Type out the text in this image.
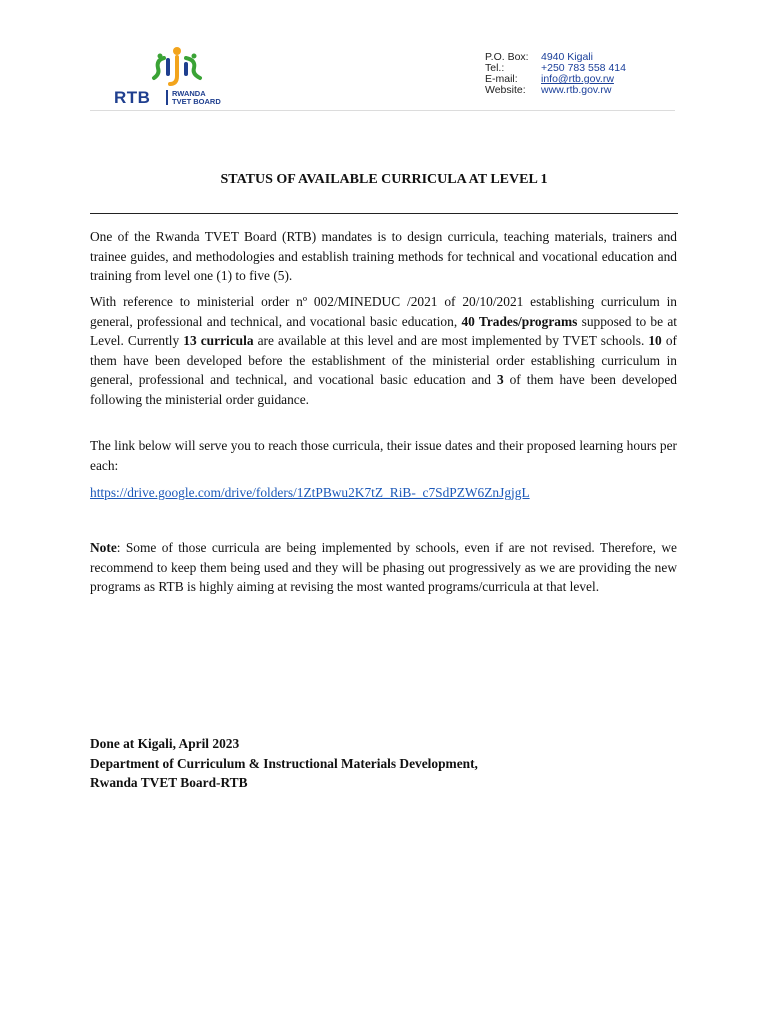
RTB	RWANDA
TVET BOARD
P.O. Box: 4940 Kigali
Tel.:	+250 783 558 414
E-mail: info@rtb.gov.rw
Website: www.rtb.gov.rw
STATUS OF AVAILABLE CURRICULA AT LEVEL 1

One of the Rwanda TVET Board (RTB) mandates is to design curricula, teaching materials, trainers and trainee guides, and methodologies and establish training methods for technical and vocational education and training from level one (1) to five (5).

With reference to ministerial order nº 002/MINEDUC /2021 of 20/10/2021 establishing curriculum in general, professional and technical, and vocational basic education, 40 Trades/programs supposed to be at Level. Currently 13 curricula are available at this level and are most implemented by TVET schools. 10 of them have been developed before the establishment of the ministerial order establishing curriculum in general, professional and technical, and vocational basic education and 3 of them have been developed following the ministerial order guidance.

The link below will serve you to reach those curricula, their issue dates and their proposed learning hours per each:

https://drive.google.com/drive/folders/1ZtPBwu2K7tZ_RiB-_c7SdPZW6ZnJgjgL

Note: Some of those curricula are being implemented by schools, even if are not revised. Therefore, we recommend to keep them being used and they will be phasing out progressively as we are providing the new programs as RTB is highly aiming at revising the most wanted programs/curricula at that level.

Done at Kigali, April 2023
Department of Curriculum & Instructional Materials Development,
Rwanda TVET Board-RTB
